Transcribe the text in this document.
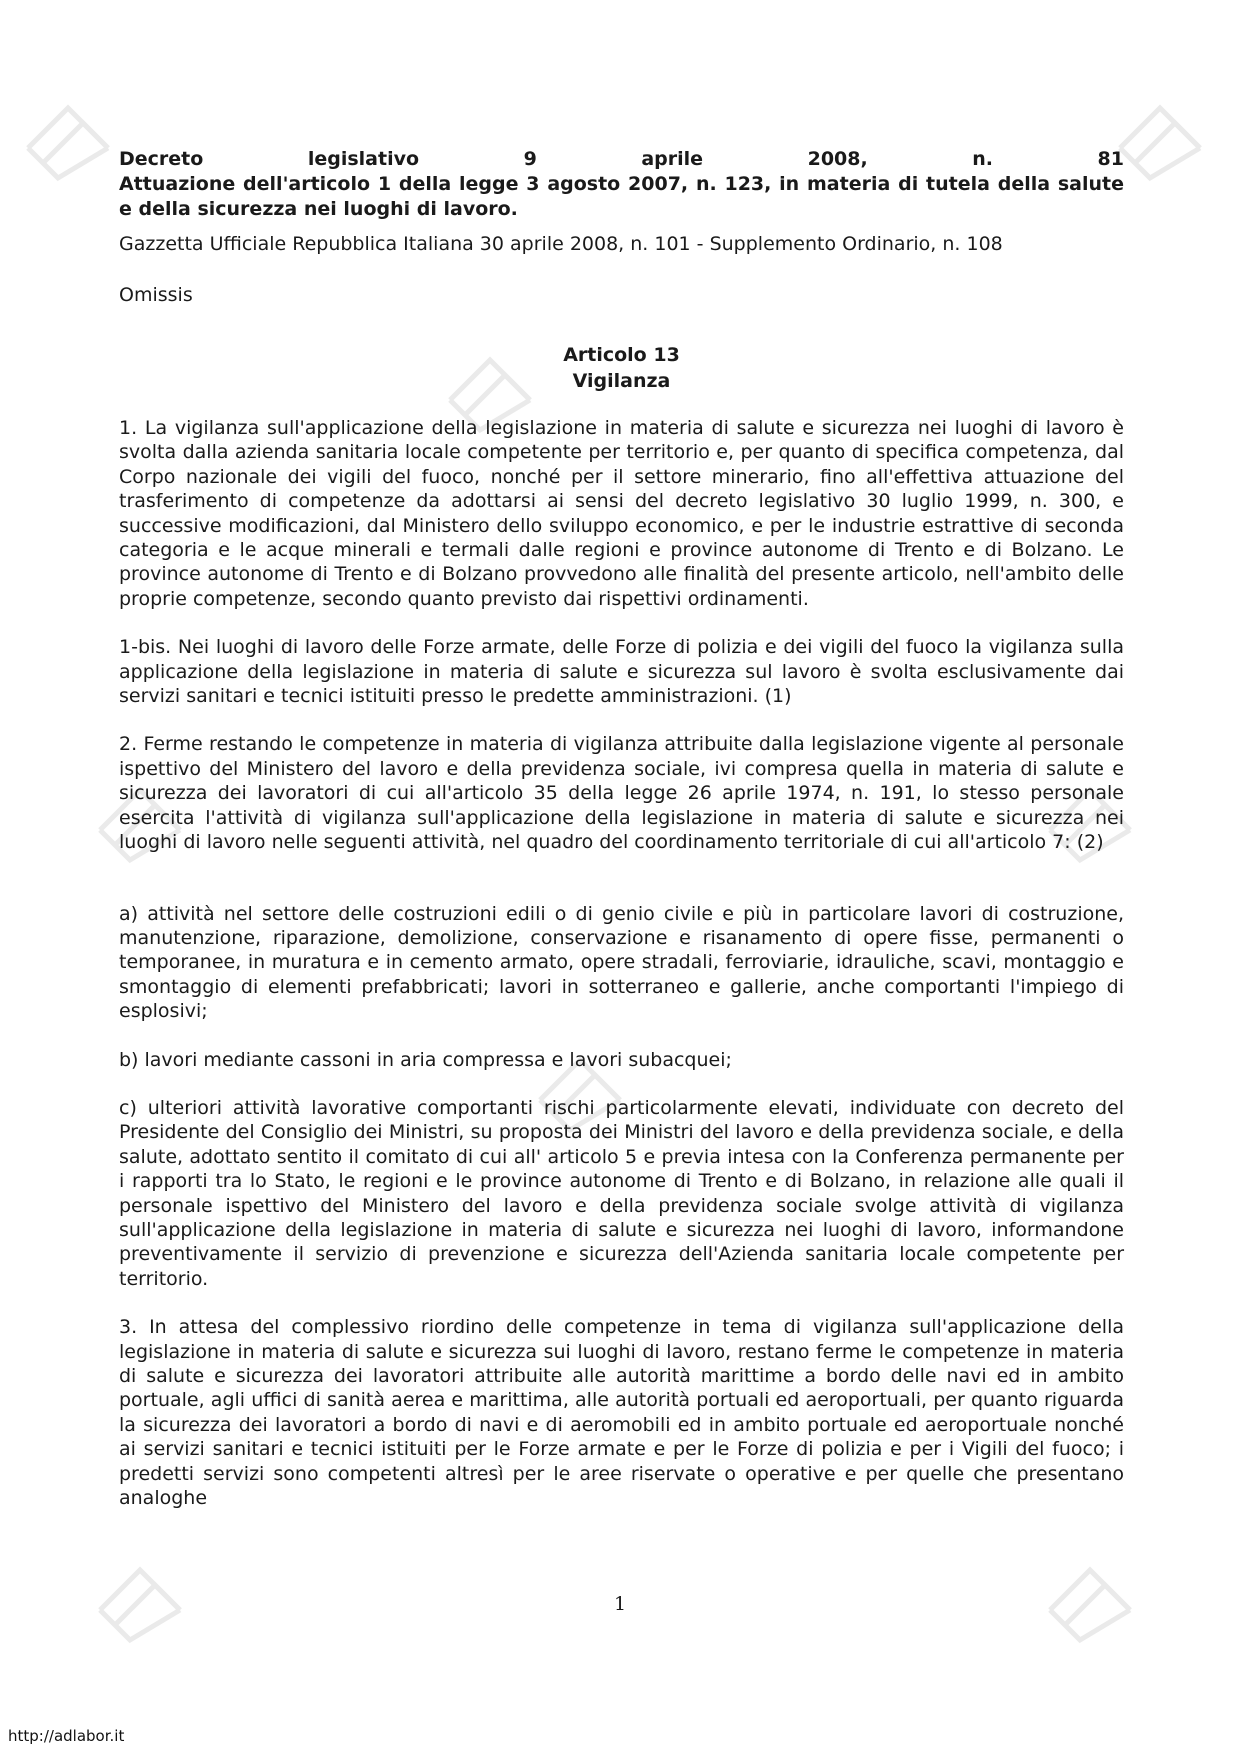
Decreto	legislativo	9	aprile	2008,	n.	81
Attuazione dell'articolo 1 della legge 3 agosto 2007, n. 123, in materia di tutela della salute e della sicurezza nei luoghi di lavoro.

Gazzetta Ufficiale Repubblica Italiana 30 aprile 2008, n. 101 - Supplemento Ordinario, n. 108

Omissis

Articolo 13
Vigilanza

1. La vigilanza sull'applicazione della legislazione in materia di salute e sicurezza nei luoghi di lavoro è svolta dalla azienda sanitaria locale competente per territorio e, per quanto di specifica competenza, dal Corpo nazionale dei vigili del fuoco, nonché per il settore minerario, fino all'effettiva attuazione del trasferimento di competenze da adottarsi ai sensi del decreto legislativo 30 luglio 1999, n. 300, e successive modificazioni, dal Ministero dello sviluppo economico, e per le industrie estrattive di seconda categoria e le acque minerali e termali dalle regioni e province autonome di Trento e di Bolzano. Le province autonome di Trento e di Bolzano provvedono alle finalità del presente articolo, nell'ambito delle proprie competenze, secondo quanto previsto dai rispettivi ordinamenti.

1-bis. Nei luoghi di lavoro delle Forze armate, delle Forze di polizia e dei vigili del fuoco la vigilanza sulla applicazione della legislazione in materia di salute e sicurezza sul lavoro è svolta esclusivamente dai servizi sanitari e tecnici istituiti presso le predette amministrazioni. (1)

2. Ferme restando le competenze in materia di vigilanza attribuite dalla legislazione vigente al personale ispettivo del Ministero del lavoro e della previdenza sociale, ivi compresa quella in materia di salute e sicurezza dei lavoratori di cui all'articolo 35 della legge 26 aprile 1974, n. 191, lo stesso personale esercita l'attività di vigilanza sull'applicazione della legislazione in materia di salute e sicurezza nei luoghi di lavoro nelle seguenti attività, nel quadro del coordinamento territoriale di cui all'articolo 7: (2)

a) attività nel settore delle costruzioni edili o di genio civile e più in particolare lavori di costruzione, manutenzione, riparazione, demolizione, conservazione e risanamento di opere fisse, permanenti o temporanee, in muratura e in cemento armato, opere stradali, ferroviarie, idrauliche, scavi, montaggio e smontaggio di elementi prefabbricati; lavori in sotterraneo e gallerie, anche comportanti l'impiego di esplosivi;

b) lavori mediante cassoni in aria compressa e lavori subacquei;

c) ulteriori attività lavorative comportanti rischi particolarmente elevati, individuate con decreto del Presidente del Consiglio dei Ministri, su proposta dei Ministri del lavoro e della previdenza sociale, e della salute, adottato sentito il comitato di cui all' articolo 5 e previa intesa con la Conferenza permanente per i rapporti tra lo Stato, le regioni e le province autonome di Trento e di Bolzano, in relazione alle quali il personale ispettivo del Ministero del lavoro e della previdenza sociale svolge attività di vigilanza sull'applicazione della legislazione in materia di salute e sicurezza nei luoghi di lavoro, informandone preventivamente il servizio di prevenzione e sicurezza dell'Azienda sanitaria locale competente per territorio.

3. In attesa del complessivo riordino delle competenze in tema di vigilanza sull'applicazione della legislazione in materia di salute e sicurezza sui luoghi di lavoro, restano ferme le competenze in materia di salute e sicurezza dei lavoratori attribuite alle autorità marittime a bordo delle navi ed in ambito portuale, agli uffici di sanità aerea e marittima, alle autorità portuali ed aeroportuali, per quanto riguarda la sicurezza dei lavoratori a bordo di navi e di aeromobili ed in ambito portuale ed aeroportuale nonché ai servizi sanitari e tecnici istituiti per le Forze armate e per le Forze di polizia e per i Vigili del fuoco; i predetti servizi sono competenti altresì per le aree riservate o operative e per quelle che presentano analoghe

1
http://adlabor.it
